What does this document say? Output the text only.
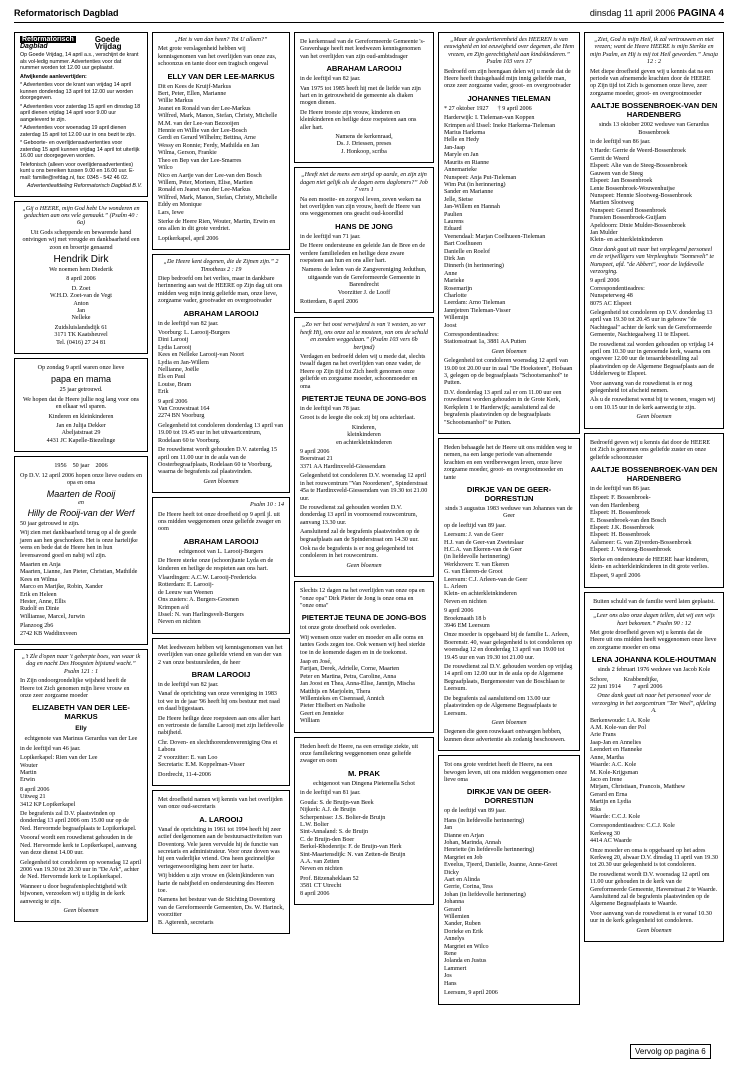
Reformatorisch Dagblad	dinsdag 11 april 2006 PAGINA 4
Reformatorisch Dagblad
Goede Vrijdag

Op Goede Vrijdag, 14 april a.s., verschijnt de krant als vol-ledig nummer. Advertenties voor dat nummer worden tot 12.00 uur geplaatst.

Afwijkende aanlevertijden:

* Advertenties voor de krant van vrijdag 14 april kunnen donderdag 13 april tot 12.00 uur worden doorgegeven.

* Advertenties voor zaterdag 15 april en dinsdag 18 april dienen vrijdag 14 april voor 9.00 uur aangeleverd te zijn.

* Advertenties voor woensdag 19 april dienen zaterdag 15 april tot 12.00 uur in ons bezit te zijn.

* Geboorte- en overlijdensadvertenties voor zaterdag 15 april kunnen vrijdag 14 april tot uiterlijk 16.00 uur doorgegeven worden.

Telefonisch (alleen voor overlijdensadvertenties) kunt u ons bereiken tussen 9.00 en 16.00 uur. E-mail: familie@refdag.nl, fax: 0345 - 542 46 02.

Advertentieafdeling Reformatorisch Dagblad B.V.

„Gij o HEERE, mijn God hebt Uw wonderen en gedachten aan ons vele gemaakt.” (Psalm 40 : 6a)

Uit Gods scheppende en bewarende hand ontvingen wij met vreugde en dankbaarheid een zoon en broertje genaamd

Hendrik Dirk

We noemen hem Diederik

8 april 2006

D. Zoet
W.H.D. Zoet-van de Vegt
Anton
Jan
Nelleke

Zuidsluislandsdijk 61
3171 TK Kaatsheuvel
Tel. (0416) 27 24 81

Op zondag 9 april waren onze lieve

papa en mama

25 jaar getrouwd.

We hopen dat de Heere jullie nog lang voor ons en elkaar wil sparen.

Kinderen en kleinkinderen

Jan en Julija Dekker
Abeljatstraat 29
4431 JC Kapelle-Biezelinge

1956    50 jaar    2006

Op D.V. 12 april 2006 hopen onze lieve ouders en opa en oma

Maarten de Rooij
en
Hilly de Rooij-van der Werf

50 jaar getrouwd te zijn.

Wij zien met dankbaarheid terug op al de goede jaren aan hen geschonken. Het is onze hartelijke wens en bede dat de Heere hen in hun levensavond goed en nabij wil zijn.

Maarten en Anja
Maarten, Lianne, Jan Pieter, Christian, Mathilde
Kees en Wilma
Marco en Marijke, Robin, Xander
Erik en Heleen
Hester, Anne, Ellis
Rudolf en Dinie
Williamse, Marcel, Jurwin

Planzoog 2b6
2742 KB Waddinxveen

„'t Zle d'open naar 't geberpte boes, van waar ik dag en nacht Des Hoogsten bijstand wacht.” Psalm 121 : 1

In Zijn ondoorgrondelijke wijsheid heeft de Heere tot Zich genomen mijn lieve vrouw en onze zeer zorgzame moeder

ELIZABETH VAN DER LEE-MARKUS
Elly

echtgenote van Marinus Gerardus van der Lee

in de leeftijd van 46 jaar.

Lopikerkapel: Rien van der Lee
Wouter
Martin
Erwin

8 april 2006
Uitweg 21
3412 KP Lopikerkapel

De begrafenis zal D.V. plaatsvinden op donderdag 13 april 2006 om 15.00 uur op de Ned. Hervormde begraafplaats te Lopikerkapel.

Voooraf wordt een rouwdienst gehouden in de Ned. Hervormde kerk te Lopikerkapel, aanvang van deze dienst 14.00 uur.

Gelegenheid tot condoleren op woensdag 12 april 2006 van 19.30 tot 20.30 uur in "De Ark", achter de Ned. Hervormde kerk te Lopikerkapel.

Wanneer u door begrafenisplechtigheid wilt bijwonen, verzoeken wij u tijdig in de kerk aanwezig te zijn.

Geen bloemen

„Het is van dan heen? Tot U alleen?”

Met grote verslagenheid hebben wij kennisgenomen van het overlijden van onze zus, schoonzus en tante door een tragisch ongeval

ELLY VAN DER LEE-MARKUS

Dit en Kees de Kruijf-Markus
Bert, Peter, Ellen, Marianne
Willie Markus
Jeanet en Ronald van der Lee-Markus
Wilfred, Mark, Manon, Stefan, Christy, Michelle
M.M. van der Lee-van Bezooijen
Hennie en Willie van der Lee-Bosch
Gerdi en Gerard Wilhelm; Bettina, Arne
Wessy en Ronnie; Ferdy, Mathilda en Jan
Wilma, Gerson, Frankie
Theo en Bep van der Lee-Smarres
Wilco
Nico en Aartje van der Lee-van den Bosch
Willem, Peter, Morteen, Elise, Martien
Ronald en Jeanet van der Lee-Markus
Wilfred, Mark, Manon, Stefan, Christy, Michelle
Eddy en Monique
Lars, Iewe

Sterke de Heere Rien, Wouter, Martin, Erwin en ons allen in dit grote verdriet.

Lopikerkapel, april 2006

„De Heere kent degenen, die de Zijnen zijn.” 2 Timotheus 2 : 19

Diep bedroefd om het verlies, maar in dankbare herinnering aan wat de HEERE op Zijn dag uit ons midden weg mijn innig geliefde man, onze lieve, zorgzame vader, grootvader en overgrootvader

ABRAHAM LAROOIJ

in de leeftijd van 82 jaar.

Voorburg: L. Larooij-Burgers
Dini Larooij
Lydia Larooij
Kees en Nelleke Larooij-van Noort
Lydia en Jan-Willem
Nellianne, Joëlle
Els en Paul
Louise, Bram
Erik

9 april 2006
Van Crouwstraat 164
2274 BN Voorburg

Gelegenheid tot condoleren donderdag 13 april van 19.00 tot 19.45 uur in het uitvaartcentrum, Rodelaan 60 te Voorburg.

De rouwdienst wordt gehouden D.V. zaterdag 15 april om 11.00 uur in de aula van de Oosterbegraafplaats, Rodelaan 60 te Voorburg, waarna de begrafenis zal plaatsvinden.

Geen bloemen

Psalm 10 : 14

De Heere heeft tot onze droefheid op 9 april jl. uit ons midden weggenomen onze geliefde zwager en oom

ABRAHAM LAROOIJ

echtgenoot van L. Larooij-Burgers

De Heere sterke onze (schoon)tante Lyda en de kinderen en heilige de respieten aan ons hart.

Vlaardingen: A.C.W. Larooij-Fredericks
Rotterdam: E. Larooij-
de Leeuw van Weenen
Ons zusters: A. Burgers-Groenen
Krimpen a/d
IJssel: N. van Harlingsvelt-Burgers
Neven en nichten

Met leedwezen hebben wij kennisgenomen van het overlijden van onze geliefde vriend en van der van 2 van onze bestuursleden, de heer

BRAM LAROOIJ

in de leeftijd van 82 jaar.

Vanaf de oprichting van onze vereniging in 1983 tot we in de jaar '96 heeft hij ons bestuur met raad en daad bijgestaan.

De Heere heilige deze roepsteen aan ons aller hart en vertroeste de familie Larooij met zijn liefdevolle nabijheid.

Chr. Doven- en slechthorendenvereniging Ons et Labora
2' voorzitter: E. van Loo
Secretaris: E.M. Koppelman-Visser

Dordrecht, 11-4-2006

Met droefheid namen wij kennis van het overlijden van onze oud-secretaris

A. LAROOIJ

Vanaf de oprichting in 1961 tot 1994 heeft hij zeer actief deelgenomen aan de bestuursactiviteiten van Doventorg. Vele jaren vervulde hij de functie van secretaris en administrateur. Voor onze doven was hij een vaderlijke vriend. Ons heen gezinnelijke vertegenwoordiging hem zeer ter harte.

Wij bidden u zijn vrouw en (klein)kinderen van harte de nabijheid en ondersteuning des Heeren toe.

Namens het bestuur van de Stichting Doventorg van de Gereformeerde Gemeenten, Ds. W. Harinck, voorzitter
B. Agterenh, secretaris

De kerkenraad van de Gereformeerde Gemeente 's-Gravenhage heeft met leedwezen kennisgenomen van het overlijden van zijn oud-ambtsdrager

ABRAHAM LAROOIJ

in de leeftijd van 82 jaar.

Van 1975 tot 1985 heeft hij met de liefde van zijn hart en in getrouwheid de gemeente als diaken mogen dienen.

De Heere troeste zijn vrouw, kinderen en kleinkinderen en heilige deze roepsteen aan ons aller hart.

Namens de kerkenraad,
Ds. J. Driessen, preses
J. Honkoop, scriba

„Heeft niet de mens een strijd op aarde, en zijn zijn dagen niet gelijk als de dagen eens dagloners?” Job 7 vers 1

Na een moeite- en zorgvol leven, zeven weken na het overlijden van zijn vrouw, heeft de Heere van ons weggenomen ons geacht oud-koordlid

HANS DE JONG

in de leeftijd van 71 jaar.

De Heere ondersteune en geleide Jan de Bree en de verdere familieleden en heilige deze zware roepsteen aan hun en ons aller hart.

Namens de leden van de Zangvereniging Jeduthun, uitgaande van de Gereformeerde Gemeente in Barendrecht
Voorzitter J. de Looff

Rotterdam, 8 april 2006

„Zo ver het oost verwijderd is van 't westen, zo ver heeft Hij, ons onze zal te mosteen, van ons de schuld en zonden weggedaan.” (Psalm 103 vers 6b berijmd)

Verdagen en bedroefd delen wij u mede dat, slechts twaalf dagen na het overlijden van onze vader, de Heere op Zijn tijd tot Zich heeft genomen onze geliefde en zorgzame moeder, schoonmoeder en oma

PIETERTJE TEUNA DE JONG-BOS

in de leeftijd van 78 jaar.

Groot is de leegte die ook zij bij ons achterlaat.

Kinderen,
kleinkinderen
en achterkleinkinderen

9 april 2006
Boerstraat 21
3371 AA Hardinxveld-Giessendam

Gelegenheid tot condoleren D.V. woensdag 12 april in het rouwcentrum "Van Noordenen", Spinderstraat 45a te Hardinxveld-Giessendam van 19.30 tot 21.00 uur.

De rouwdienst zal gehouden worden D.V. donderdag 13 april in voornoemd rouwcentrum, aanvang 13.30 uur.

Aansluitend zal de begrafenis plaatsvinden op de begraafplaats aan de Spinderstraat om 14.30 uur.

Ook na de begrafenis is er nog gelegenheid tot condoleren in het rouwcentrum.

Geen bloemen

Slechts 12 dagen na het overlijden van onze opa en "onze opa" Dirk Pieter de Jong is onze oma en "onze oma"

PIETERTJE TEUNA DE JONG-BOS

tot onze grote droefheid ook overleden.

Wij wensen onze vader en moeder en alle ooms en tantes Gods zegen toe. Ook wensen wij heel sterkte toe in de komende dagen en in de toekomst.

Jaap en José,
Farijan, Derek, Adrielle, Corne, Maarten
Peter en Martina, Petra, Caroline, Anna
Jan Joost en Thea, Anna-Elise, Jannijn, Mischa
Matthijs en Marjolein, Thera
Willemiekes en Cisenraad, Annich
Pieter Hielbert en Natholie
Geert en Jennieke
William

Heden heeft de Heere, na een ernstige ziekte, uit onze familiekring weggenomen onze geliefde zwager en oom

M. PRAK

echtgenoot van Dingena Pietemella Schot

in de leeftijd van 81 jaar.

Gouda: S. de Bruijn-van Beek
Nijkerk: A.J. de Bruijn
Scherpenisse: J.S. Bolier-de Bruijn
L.W. Bolier
Sint-Annaland: S. de Bruijn
C. de Bruijn-den Boer
Berkel-Rhodenrijs: F. de Bruijn-van Herk
Sint-Maartensdijk: N. van Zetten-de Bruijn
A.A. van Zetten
Neven en nichten

Prof. Bitzenaheklaan 52
3581 CT Utrecht
8 april 2006

„Maar de goedertierenheid des HEEREN is van eeuwigheid en tot eeuwigheid over degenen, die Hem vrezen, en Zijn gerechtigheid aan kindskinderen.” Psalm 103 vers 17

Bedroefd om zijn heengaan delen wij u mede dat de Heere heeft thuisgehaald mijn innig geliefde man, onze zeer zorgzame vader, groot- en overgrootvader

JOHANNES TIELEMAN

* 27 oktober 1927      † 9 april 2006

Harderwijk: I. Tieleman-van Koppen
Krimpen a/d IJssel: Ineke Harkema-Tieleman
Marius Harkema
Helle en Hedy
Jan-Jaap
Maryle en Jan
Maurits en Rianne
Annemarieke
Nunspeet: Anja Put-Tieleman
Wim Put (in herinnering)
Sander en Marianne
Jelle, Sietse
Jan-Willem en Hannah
Paulien
Laurens
Eduard
Veenendaal: Marjan Coelhueen-Tieleman
Bart Coelhueen
Danielle en Roelof
Dirk Jan
Dinnerh (in herinnering)
Anne
Marieke
Rosemarijn
Charlotte
Leerdam: Arno Tieleman
Jannjetren Tieleman-Visser
Willemijn
Joost

Correspondentieadres:
Stationsstraat 1a, 3881 AA Putten

Geen bloemen

Gelegenheid tot condoleren woensdag 12 april van 19.00 tot 20.00 uur in zaal "De Hoeksteen", Hofsaan 3, gelegen op de begraafplaats "Schootsmanhof" te Putten.

D.V. donderdag 13 april zal er om 11.00 uur een rouwdienst worden gehouden in de Grote Kerk, Kerkplein 1 te Harderwijk; aansluitend zal de begrafenis plaatsvinden op de begraafplaats "Schootsmanhof" te Putten.

Heden behaagde het de Heere uit ons midden weg te nemen, na een lange periode van afnemende krachten en een verdbevwegen leven, onze lieve zorgzame moeder, groot- en overgrootmoeder en tante

DIRKJE VAN DE GEER-DORRESTIJN

sinds 3 augustus 1983 weduwe van Johannes van de Geer

op de leeftijd van 89 jaar.

Leersum: J. van de Geer
H.J. van de Geer-van Zweteslaar
H.C.A. van Ekeren-van de Geer
(in liefdevolle herinnering)
Werkhoven: T. van Ekeren
G. van Ekeren-de Groot
Leersum: C.J. Arleen-van de Geer
L. Arleen
Klein- en achterkleinkinderen
Neven en nichten

9 april 2006
Broekmaath 18 b
3946 EM Leersum

Onze moeder is opgebaard bij de familie L. Arleen, Boerenstr. 40, waar gelegenheid is tot condoleren op woensdag 12 en donderdag 13 april van 19.00 tot 19.45 uur en van 19.30 tot 21.00 uur.

De rouwdienst zal D.V. gehouden worden op vrijdag 14 april om 12.00 uur in de aula op de Algemene Begraafplaats, Burgemeester van de Boschlaan te Leersum.

De begrafenis zal aansluitend om 13.00 uur plaatsvinden op de Algemene Begraafplaats te Leersum.

Geen bloemen

Degenen die geen rouwkaart ontvangen hebben, kunnen deze advertentie als zodanig beschouwen.

Tot ons grote verdriet heeft de Heere, na een bewogen leven, uit ons midden weggenomen onze lieve oma

DIRKJE VAN DE GEER-DORRESTIJN

op de leeftijd van 89 jaar.

Hans (in liefdevolle herinnering)
Jan
Dianne en Arjan
Johan, Marinda, Annah
Henriette (in liefdevolle herinnering)
Margriet en Job
Eveelus, Tjeerd, Danielle, Joanne, Anne-Greet
Dicky
Aart en Alinda
Gerrie, Corina, Tess
Johan (in liefdevolle herinnering)
Johanna
Gerard
Willemien
Xander, Ruben
Dorieke en Erik
Annelys
Margriet en Wilco
Rene
Jolanda en Justus
Lammert
Jos
Hans

Leersum, 9 april 2006

„Ziet, God is mijn Heil, ik zal vertrouwen en niet vrezen; want de Heere HEERE is mijn Sterkte en mijn Psalm, en Hij is mij tot Heil geworden.” Jesaja 12 : 2

Met diepe droefheid geven wij u kennis dat na een periode van afnemende krachten door de HEERE op Zijn tijd tot Zich is genomen onze lieve, zeer zorgzame moeder, groot- en overgrootmoeder

AALTJE BOSSENBROEK-VAN DEN HARDENBERG

sinds 13 oktober 2002 weduwe van Gerardus Bossenbroek

in de leeftijd van 86 jaar.

't Harde: Gerrie de Weerd-Bossenbroek
Gerrit de Weerd
Elspeet: Alie van de Steeg-Bossenbroek
Gauwen van de Steeg
Elspeet: Jan Bossenbroek
Lenie Bossenbroek-Wouwenhuijse
Nunspeet: Hennie Slootweg-Bossenbroek
Martien Slootweg
Nunspeet: Gerard Bossenbroek
Fransien Bossenbroek-Guijlam
Apeldoorn: Dinie Mulder-Bossenbroek
Jan Mulder
Klein- en achterkleinkinderen

Onze dank gaat uit naar het verplegend personeel en de vrijwilligers van Verpleeghuis "Sonnevelt" te Nunspeet, afd. "de Abbert", voor de liefdevolle verzorging.

9 april 2006
Correspondentieadres:
Nunspeterweg 48
8075 AC Elspeet

Gelegenheid tot condoleren op D.V. donderdag 13 april van 19.30 tot 20.45 uur in gebouw "de Nachtegaal" achter de kerk van de Gereformeerde Gemeente, Nachtegaalweg 11 te Elspeet.

De rouwdienst zal worden gehouden op vrijdag 14 april om 10.30 uur in genoemde kerk, waarna om ongeveer 12.00 uur de teraardebestelling zal plaatsvinden op de Algemene Begraafplaats aan de Uddelerweg te Elspeet.

Voor aanvang van de rouwdienst is er nog gelegenheid tot afscheid nemen.

Als u de rouwdienst wenst bij te wonen, vragen wij u om 10.15 uur in de kerk aanwezig te zijn.

Geen bloemen

Bedroefd geven wij u kennis dat door de HEERE tot Zich is genomen ons geliefde zuster en onze geliefde schoonzuster

AALTJE BOSSENBROEK-VAN DEN HARDENBERG

in de leeftijd van 86 jaar.

Elspeet: F. Bossenbroek-
van den Hardenberg
Elspeet: H. Bossenbroek
E. Bossenbroek-van den Bosch
Elspeet: J.K. Bossenbroek
Elspeet: H. Bossenbroek
Aalsmeer: G. van Zijverden-Bossenbroek
Elspeet: J. Versteeg-Bossenbroek

Sterke en ondersteune de HEERE haar kinderen, klein- en achterkleinkinderen in dit grote verlies.

Elspeet, 9 april 2006

Buiten schuld van de familie werd laten geplaatst.

„Leer ons alzo onze dagen tellen, dat wij een wijs hart bekomen.” Psalm 90 : 12

Met grote droefheid geven wij u kennis dat de Heere uit ons midden heeft weggenomen onze lieve en zorgzame moeder en oma

LENA JOHANNA KOLE-HOUTMAN

sinds 2 februari 1976 weduwe van Jacob Kole

Schore,          Krabbendijke,
22 juni 1914        7 april 2006

Onze dank gaat uit naar het personeel voor de verzorging in het zorgcentrum "Ter Weel", afdeling A.

Berkenwoude: I.A. Kole
A.M. Kole-van der Pol
Arie Frans
Jaap-Jan en Annelies
Leendert en Hanneke
Anne, Martha
Waarde: A.C. Kole
M. Kole-Krijgsman
Jaco en Irene
Mirjam, Christiaan, Francois, Matthew
Gerard en Erna
Martijn en Lydia
Riks
Waarde: C.C.J. Kole

Correspondentieadres: C.C.J. Kole
Kerkweg 30
4414 AC Waarde

Onze moeder en oma is opgebaard op het adres Kerkweg 20, alwaar D.V. dinsdag 11 april van 19.30 tot 20.30 uur gelegenheid is tot condoleren.

De rouwdienst wordt D.V. woensdag 12 april om 11.00 uur gehouden in de kerk van de Gereformeerde Gemeente, Havenstraat 2 te Waarde. Aansluitend zal de begrafenis plaatsvinden op de Algemene Begraafplaats te Waarde.

Voor aanvang van de rouwdienst is er vanaf 10.30 uur in de kerk gelegenheid tot condoleren.

Geen bloemen

Vervolg op pagina 6
